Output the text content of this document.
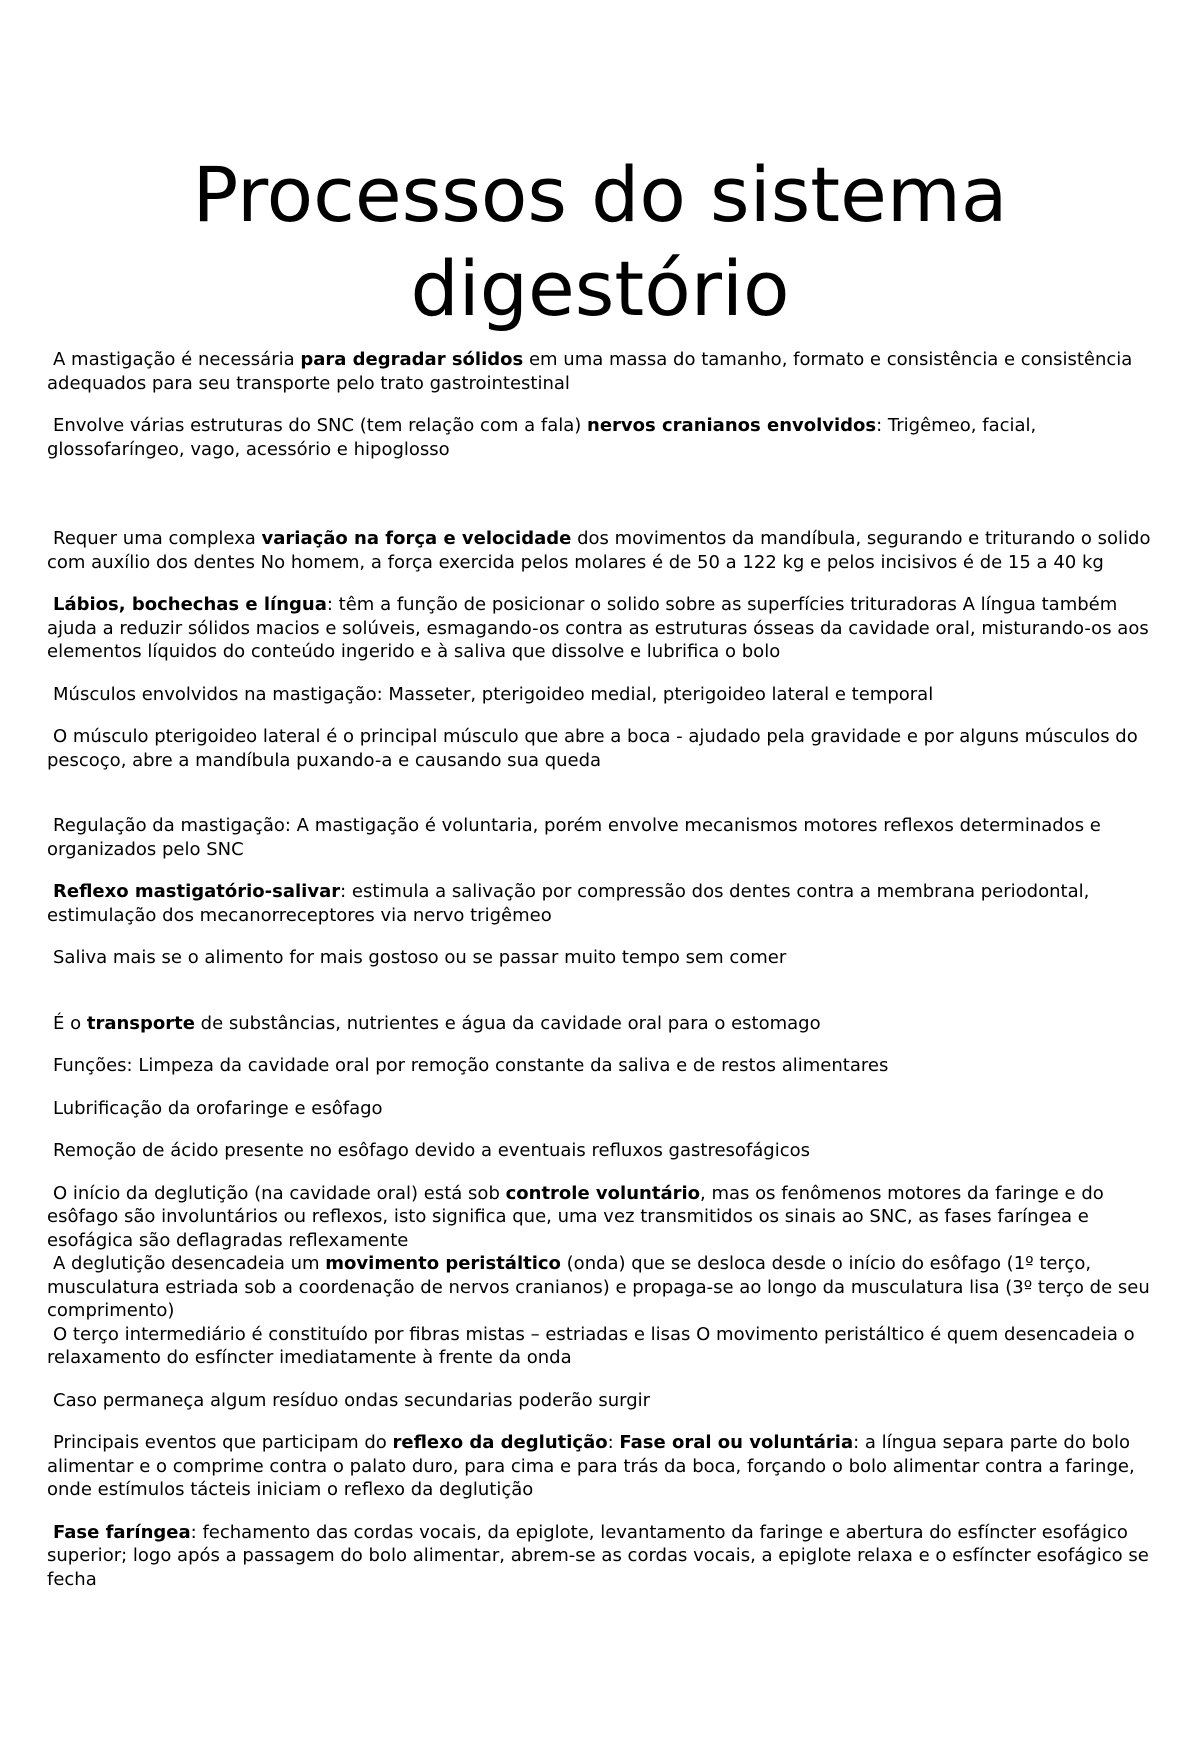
Processos do sistema
digestório

A mastigação é necessária para degradar sólidos em uma massa do tamanho, formato e consistência e consistência adequados para seu transporte pelo trato gastrointestinal

Envolve várias estruturas do SNC (tem relação com a fala) nervos cranianos envolvidos: Trigêmeo, facial, glossofaríngeo, vago, acessório e hipoglosso

Requer uma complexa variação na força e velocidade dos movimentos da mandíbula, segurando e triturando o solido com auxílio dos dentes No homem, a força exercida pelos molares é de 50 a 122 kg e pelos incisivos é de 15 a 40 kg

Lábios, bochechas e língua: têm a função de posicionar o solido sobre as superfícies trituradoras A língua também ajuda a reduzir sólidos macios e solúveis, esmagando-os contra as estruturas ósseas da cavidade oral, misturando-os aos elementos líquidos do conteúdo ingerido e à saliva que dissolve e lubrifica o bolo

Músculos envolvidos na mastigação: Masseter, pterigoideo medial, pterigoideo lateral e temporal

O músculo pterigoideo lateral é o principal músculo que abre a boca - ajudado pela gravidade e por alguns músculos do pescoço, abre a mandíbula puxando-a e causando sua queda

Regulação da mastigação: A mastigação é voluntaria, porém envolve mecanismos motores reflexos determinados e organizados pelo SNC

Reflexo mastigatório-salivar: estimula a salivação por compressão dos dentes contra a membrana periodontal, estimulação dos mecanorreceptores via nervo trigêmeo

Saliva mais se o alimento for mais gostoso ou se passar muito tempo sem comer

É o transporte de substâncias, nutrientes e água da cavidade oral para o estomago

Funções: Limpeza da cavidade oral por remoção constante da saliva e de restos alimentares

Lubrificação da orofaringe e esôfago

Remoção de ácido presente no esôfago devido a eventuais refluxos gastresofágicos

O início da deglutição (na cavidade oral) está sob controle voluntário, mas os fenômenos motores da faringe e do esôfago são involuntários ou reflexos, isto significa que, uma vez transmitidos os sinais ao SNC, as fases faríngea e esofágica são deflagradas reflexamente

A deglutição desencadeia um movimento peristáltico (onda) que se desloca desde o início do esôfago (1º terço, musculatura estriada sob a coordenação de nervos cranianos) e propaga-se ao longo da musculatura lisa (3º terço de seu comprimento)

O terço intermediário é constituído por fibras mistas – estriadas e lisas O movimento peristáltico é quem desencadeia o relaxamento do esfíncter imediatamente à frente da onda

Caso permaneça algum resíduo ondas secundarias poderão surgir

Principais eventos que participam do reflexo da deglutição: Fase oral ou voluntária: a língua separa parte do bolo alimentar e o comprime contra o palato duro, para cima e para trás da boca, forçando o bolo alimentar contra a faringe, onde estímulos tácteis iniciam o reflexo da deglutição

Fase faríngea: fechamento das cordas vocais, da epiglote, levantamento da faringe e abertura do esfíncter esofágico superior; logo após a passagem do bolo alimentar, abrem-se as cordas vocais, a epiglote relaxa e o esfíncter esofágico se fecha
